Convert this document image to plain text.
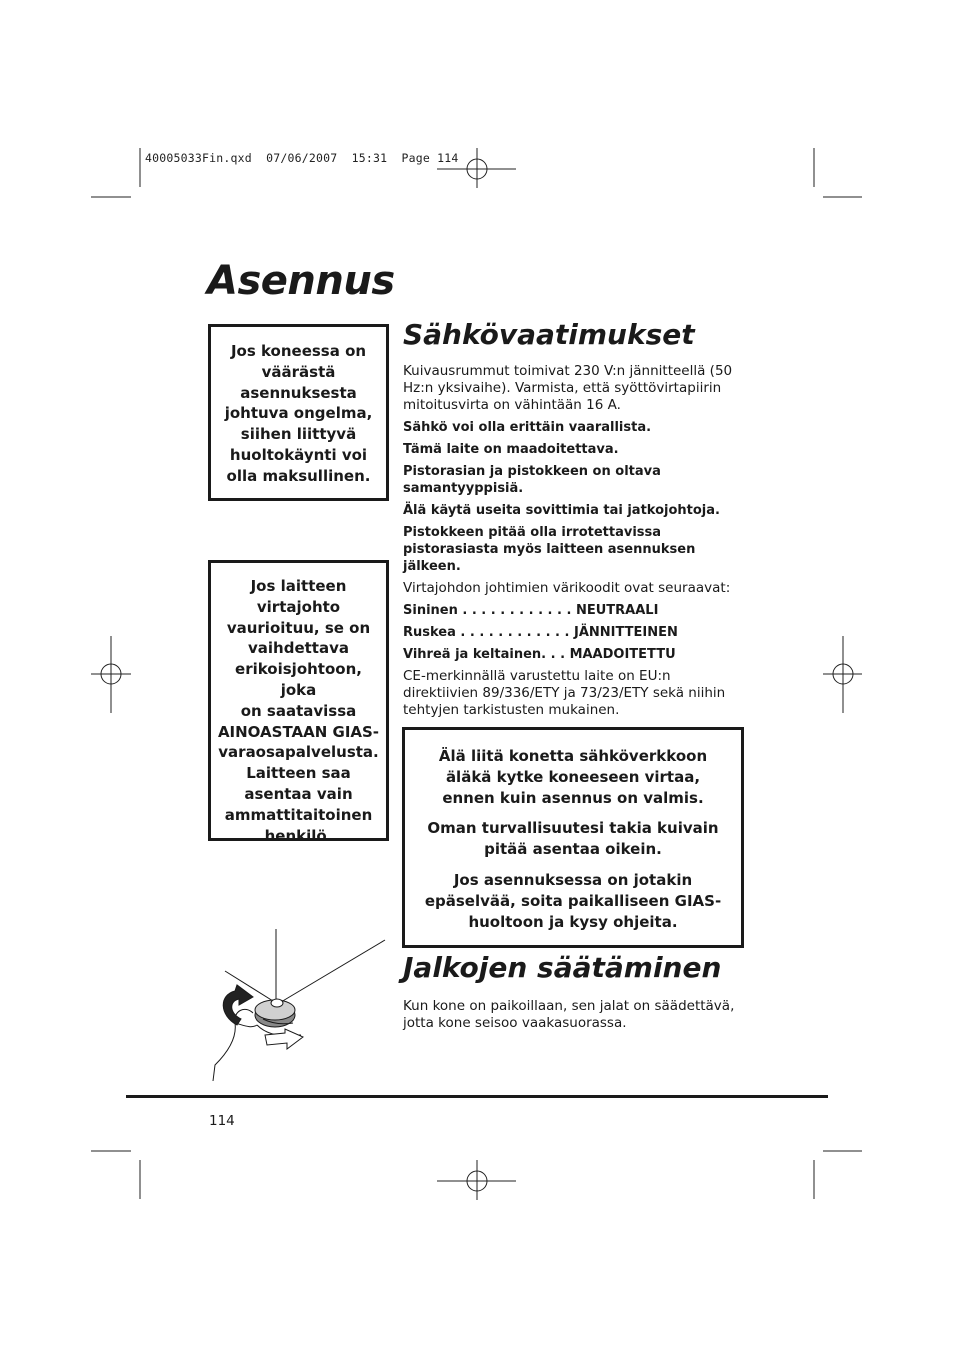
40005033Fin.qxd  07/06/2007  15:31  Page 114
Asennus

Jos koneessa on

väärästä

asennuksesta

johtuva ongelma,

siihen liittyvä

huoltokäynti voi

olla maksullinen.

Jos laitteen

virtajohto

vaurioituu, se on

vaihdettava

erikoisjohtoon, joka

on saatavissa

AINOASTAAN GIAS-

varaosapalvelusta.

Laitteen saa

asentaa vain

ammattitaitoinen

henkilö.

Sähkövaatimukset

Kuivausrummut toimivat 230 V:n jännitteellä (50 Hz:n yksivaihe). Varmista, että syöttövirtapiirin mitoitusvirta on vähintään 16 A.

Sähkö voi olla erittäin vaarallista.

Tämä laite on maadoitettava.

Pistorasian ja pistokkeen on oltava samantyyppisiä.

Älä käytä useita sovittimia tai jatkojohtoja.

Pistokkeen pitää olla irrotettavissa pistorasiasta myös laitteen asennuksen jälkeen.

Virtajohdon johtimien värikoodit ovat seuraavat:

Sininen . . . . . . . . . . . . NEUTRAALI

Ruskea . . . . . . . . . . . . JÄNNITTEINEN

Vihreä ja keltainen. . . MAADOITETTU

CE-merkinnällä varustettu laite on EU:n direktiivien 89/336/ETY ja 73/23/ETY sekä niihin tehtyjen tarkistusten mukainen.

Älä liitä konetta sähköverkkoon äläkä kytke koneeseen virtaa, ennen kuin asennus on valmis.

Oman turvallisuutesi takia kuivain pitää asentaa oikein.

Jos asennuksessa on jotakin epäselvää, soita paikalliseen GIAS-huoltoon ja kysy ohjeita.

Jalkojen säätäminen

Kun kone on paikoillaan, sen jalat on säädettävä, jotta kone seisoo vaakasuorassa.

114
